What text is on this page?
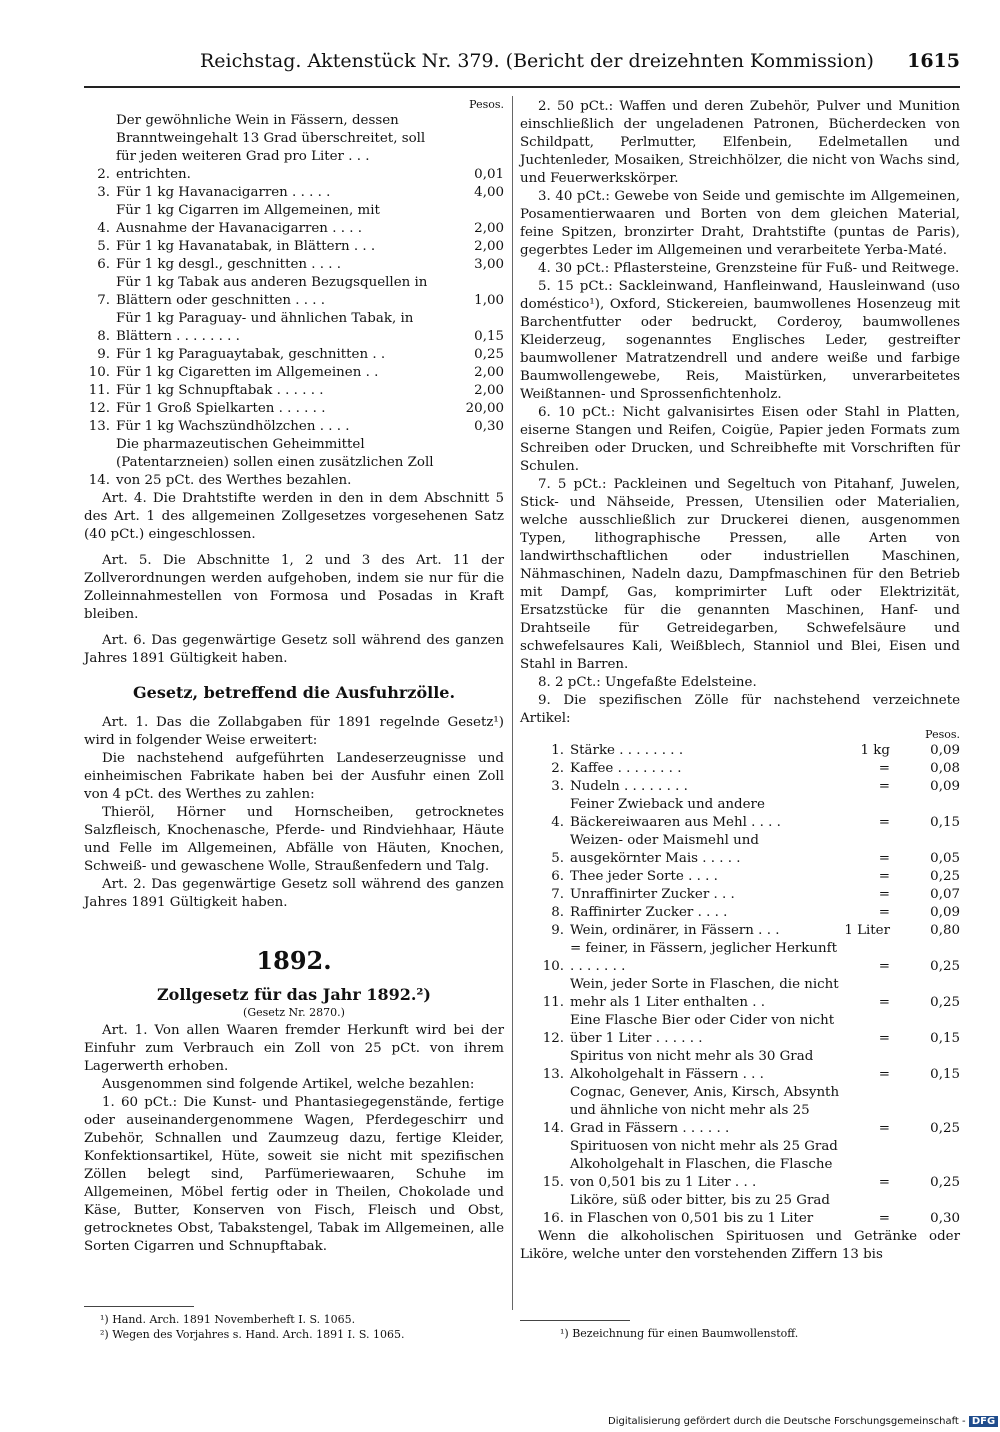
Reichstag. Aktenstück Nr. 379. (Bericht der dreizehnten Kommission) 1615
Pesos.
2.
Der gewöhnliche Wein in Fässern, dessen Branntweingehalt 13 Grad überschreitet, soll für jeden weiteren Grad pro Liter . . . entrichten.	0,01
3. Für 1 kg Havanacigarren . . . . .	4,00
4.
Für 1 kg Cigarren im Allgemeinen, mit Ausnahme der Havanacigarren . . . .	2,00
5. Für 1 kg Havanatabak, in Blättern . . .	2,00
6. Für 1 kg desgl., geschnitten . . . .	3,00
7.
Für 1 kg Tabak aus anderen Bezugsquellen in Blättern oder geschnitten . . . .	1,00
8.
Für 1 kg Paraguay- und ähnlichen Tabak, in Blättern . . . . . . . .	0,15
9. Für 1 kg Paraguaytabak, geschnitten . .	0,25
10. Für 1 kg Cigaretten im Allgemeinen . .	2,00
11. Für 1 kg Schnupftabak . . . . . .	2,00
12. Für 1 Groß Spielkarten . . . . . .	20,00
13. Für 1 kg Wachszündhölzchen . . . .	0,30
14.
Die pharmazeutischen Geheimmittel (Patentarzneien) sollen einen zusätzlichen Zoll von 25 pCt. des Werthes bezahlen.

Art. 4. Die Drahtstifte werden in den in dem Abschnitt 5 des Art. 1 des allgemeinen Zollgesetzes vorgesehenen Satz (40 pCt.) eingeschlossen.

Art. 5. Die Abschnitte 1, 2 und 3 des Art. 11 der Zollverordnungen werden aufgehoben, indem sie nur für die Zolleinnahmestellen von Formosa und Posadas in Kraft bleiben.

Art. 6. Das gegenwärtige Gesetz soll während des ganzen Jahres 1891 Gültigkeit haben.

Gesetz, betreffend die Ausfuhrzölle.

Art. 1. Das die Zollabgaben für 1891 regelnde Gesetz¹) wird in folgender Weise erweitert:

Die nachstehend aufgeführten Landeserzeugnisse und einheimischen Fabrikate haben bei der Ausfuhr einen Zoll von 4 pCt. des Werthes zu zahlen:

Thieröl, Hörner und Hornscheiben, getrocknetes Salzfleisch, Knochenasche, Pferde- und Rindviehhaar, Häute und Felle im Allgemeinen, Abfälle von Häuten, Knochen, Schweiß- und gewaschene Wolle, Straußenfedern und Talg.

Art. 2. Das gegenwärtige Gesetz soll während des ganzen Jahres 1891 Gültigkeit haben.

1892.
Zollgesetz für das Jahr 1892.²)
(Gesetz Nr. 2870.)

Art. 1. Von allen Waaren fremder Herkunft wird bei der Einfuhr zum Verbrauch ein Zoll von 25 pCt. von ihrem Lagerwerth erhoben.

Ausgenommen sind folgende Artikel, welche bezahlen:

1. 60 pCt.: Die Kunst- und Phantasiegegenstände, fertige oder auseinandergenommene Wagen, Pferdegeschirr und Zubehör, Schnallen und Zaumzeug dazu, fertige Kleider, Konfektionsartikel, Hüte, soweit sie nicht mit spezifischen Zöllen belegt sind, Parfümeriewaaren, Schuhe im Allgemeinen, Möbel fertig oder in Theilen, Chokolade und Käse, Butter, Konserven von Fisch, Fleisch und Obst, getrocknetes Obst, Tabakstengel, Tabak im Allgemeinen, alle Sorten Cigarren und Schnupftabak.

¹) Hand. Arch. 1891 Novemberheft I. S. 1065.
²) Wegen des Vorjahres s. Hand. Arch. 1891 I. S. 1065.

2. 50 pCt.: Waffen und deren Zubehör, Pulver und Munition einschließlich der ungeladenen Patronen, Bücherdecken von Schildpatt, Perlmutter, Elfenbein, Edelmetallen und Juchtenleder, Mosaiken, Streichhölzer, die nicht von Wachs sind, und Feuerwerkskörper.

3. 40 pCt.: Gewebe von Seide und gemischte im Allgemeinen, Posamentierwaaren und Borten von dem gleichen Material, feine Spitzen, bronzirter Draht, Drahtstifte (puntas de Paris), gegerbtes Leder im Allgemeinen und verarbeitete Yerba-Maté.

4. 30 pCt.: Pflastersteine, Grenzsteine für Fuß- und Reitwege.

5. 15 pCt.: Sackleinwand, Hanfleinwand, Hausleinwand (uso doméstico¹), Oxford, Stickereien, baumwollenes Hosenzeug mit Barchentfutter oder bedruckt, Corderoy, baumwollenes Kleiderzeug, sogenanntes Englisches Leder, gestreifter baumwollener Matratzendrell und andere weiße und farbige Baumwollengewebe, Reis, Maistürken, unverarbeitetes Weißtannen- und Sprossenfichtenholz.

6. 10 pCt.: Nicht galvanisirtes Eisen oder Stahl in Platten, eiserne Stangen und Reifen, Coigüe, Papier jeden Formats zum Schreiben oder Drucken, und Schreibhefte mit Vorschriften für Schulen.

7. 5 pCt.: Packleinen und Segeltuch von Pitahanf, Juwelen, Stick- und Nähseide, Pressen, Utensilien oder Materialien, welche ausschließlich zur Druckerei dienen, ausgenommen Typen, lithographische Pressen, alle Arten von landwirthschaftlichen oder industriellen Maschinen, Nähmaschinen, Nadeln dazu, Dampfmaschinen für den Betrieb mit Dampf, Gas, komprimirter Luft oder Elektrizität, Ersatzstücke für die genannten Maschinen, Hanf- und Drahtseile für Getreidegarben, Schwefelsäure und schwefelsaures Kali, Weißblech, Stanniol und Blei, Eisen und Stahl in Barren.

8. 2 pCt.: Ungefaßte Edelsteine.

9. Die spezifischen Zölle für nachstehend verzeichnete Artikel:

Pesos.
1. Stärke . . . . . . . .	1 kg	0,09
2. Kaffee . . . . . . . .	=	0,08
3. Nudeln . . . . . . . .	=	0,09
4.
Feiner Zwieback und andere Bäckereiwaaren aus Mehl . . . .	=	0,15
5.
Weizen- oder Maismehl und ausgekörnter Mais . . . . .	=	0,05
6. Thee jeder Sorte . . . .	=	0,25
7. Unraffinirter Zucker . . .	=	0,07
8. Raffinirter Zucker . . . .	=	0,09
9. Wein, ordinärer, in Fässern . . .	1 Liter	0,80
10.
= feiner, in Fässern, jeglicher Herkunft . . . . . . .	=	0,25
11.
Wein, jeder Sorte in Flaschen, die nicht mehr als 1 Liter enthalten . .	=	0,25
12.
Eine Flasche Bier oder Cider von nicht über 1 Liter . . . . . .	=	0,15
13.
Spiritus von nicht mehr als 30 Grad Alkoholgehalt in Fässern . . .	=	0,15
14.
Cognac, Genever, Anis, Kirsch, Absynth und ähnliche von nicht mehr als 25 Grad in Fässern . . . . . .	=	0,25
15.
Spirituosen von nicht mehr als 25 Grad Alkoholgehalt in Flaschen, die Flasche von 0,501 bis zu 1 Liter . . .	=	0,25
16.
Liköre, süß oder bitter, bis zu 25 Grad in Flaschen von 0,501 bis zu 1 Liter	=	0,30

Wenn die alkoholischen Spirituosen und Getränke oder Liköre, welche unter den vorstehenden Ziffern 13 bis

¹) Bezeichnung für einen Baumwollenstoff.
Digitalisierung gefördert durch die Deutsche Forschungsgemeinschaft - DFG
